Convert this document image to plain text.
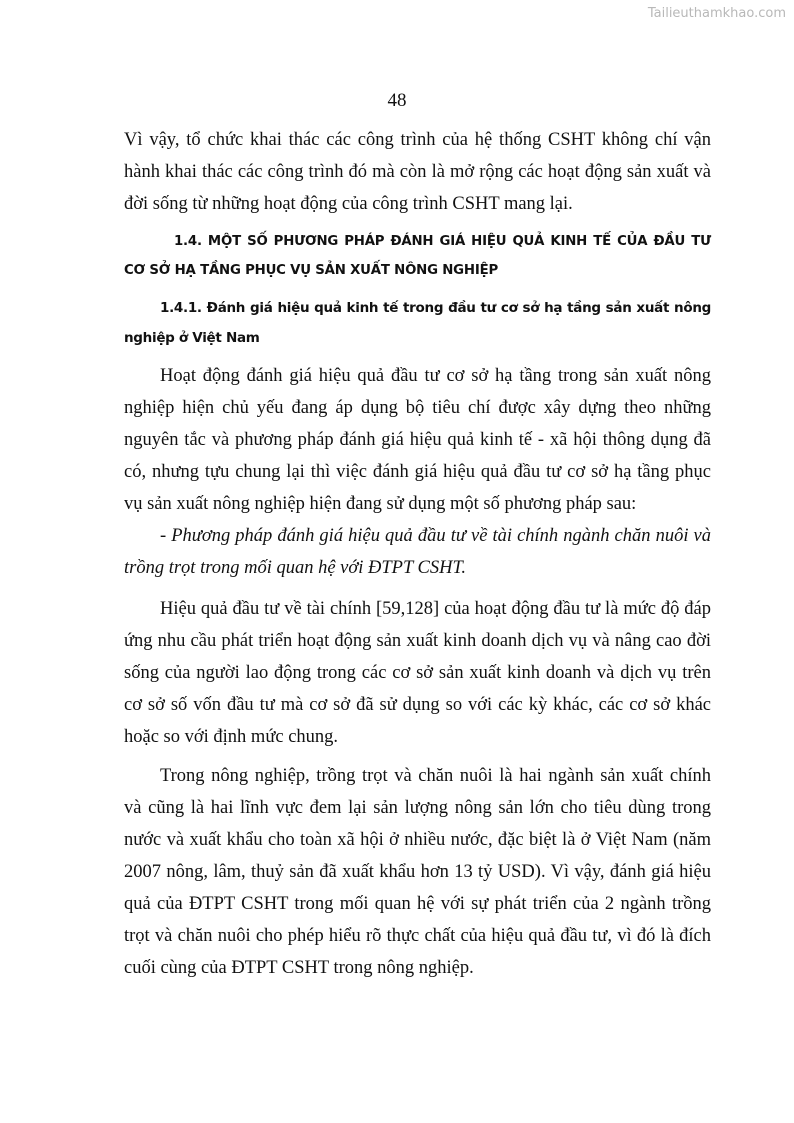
Tailieuthamkhao.com
48
Vì vậy, tổ chức khai thác các công trình của hệ thống CSHT không chí vận
hành khai thác các công trình đó mà còn là mở rộng các hoạt động sản xuất và
đời sống từ những hoạt động của công trình CSHT mang lại.
1.4. MỘT SỐ PHƯƠNG PHÁP ĐÁNH GIÁ HIỆU QUẢ KINH TẾ CỦA ĐẦU TƯ
CƠ SỞ HẠ TẦNG PHỤC VỤ SẢN XUẤT NÔNG NGHIỆP
1.4.1. Đánh giá hiệu quả kinh tế trong đầu tư cơ sở hạ tầng sản xuất nông
nghiệp ở Việt Nam
Hoạt động đánh giá hiệu quả đầu tư cơ sở hạ tầng trong sản xuất nông
nghiệp hiện chủ yếu đang áp dụng bộ tiêu chí được xây dựng theo những
nguyên tắc và phương pháp đánh giá hiệu quả kinh tế - xã hội thông dụng đã
có, nhưng tựu chung lại thì việc đánh giá hiệu quả đầu tư cơ sở hạ tầng phục
vụ sản xuất nông nghiệp hiện đang sử dụng một số phương pháp sau:
- Phương pháp đánh giá hiệu quả đầu tư về tài chính ngành chăn nuôi và
trồng trọt trong mối quan hệ với ĐTPT CSHT.
Hiệu quả đầu tư về tài chính [59,128] của hoạt động đầu tư là mức độ đáp
ứng nhu cầu phát triển hoạt động sản xuất kinh doanh dịch vụ và nâng cao đời
sống của người lao động trong các cơ sở sản xuất kinh doanh và dịch vụ trên
cơ sở số vốn đầu tư mà cơ sở đã sử dụng so với các kỳ khác, các cơ sở khác
hoặc so với định mức chung.
Trong nông nghiệp, trồng trọt và chăn nuôi là hai ngành sản xuất chính
và cũng là hai lĩnh vực đem lại sản lượng nông sản lớn cho tiêu dùng trong
nước và xuất khẩu cho toàn xã hội ở nhiều nước, đặc biệt là ở Việt Nam (năm
2007 nông, lâm, thuỷ sản đã xuất khẩu hơn 13 tỷ USD). Vì vậy, đánh giá hiệu
quả của ĐTPT CSHT trong mối quan hệ với sự phát triển của 2 ngành trồng
trọt và chăn nuôi cho phép hiểu rõ thực chất của hiệu quả đầu tư, vì đó là đích
cuối cùng của ĐTPT CSHT trong nông nghiệp.
